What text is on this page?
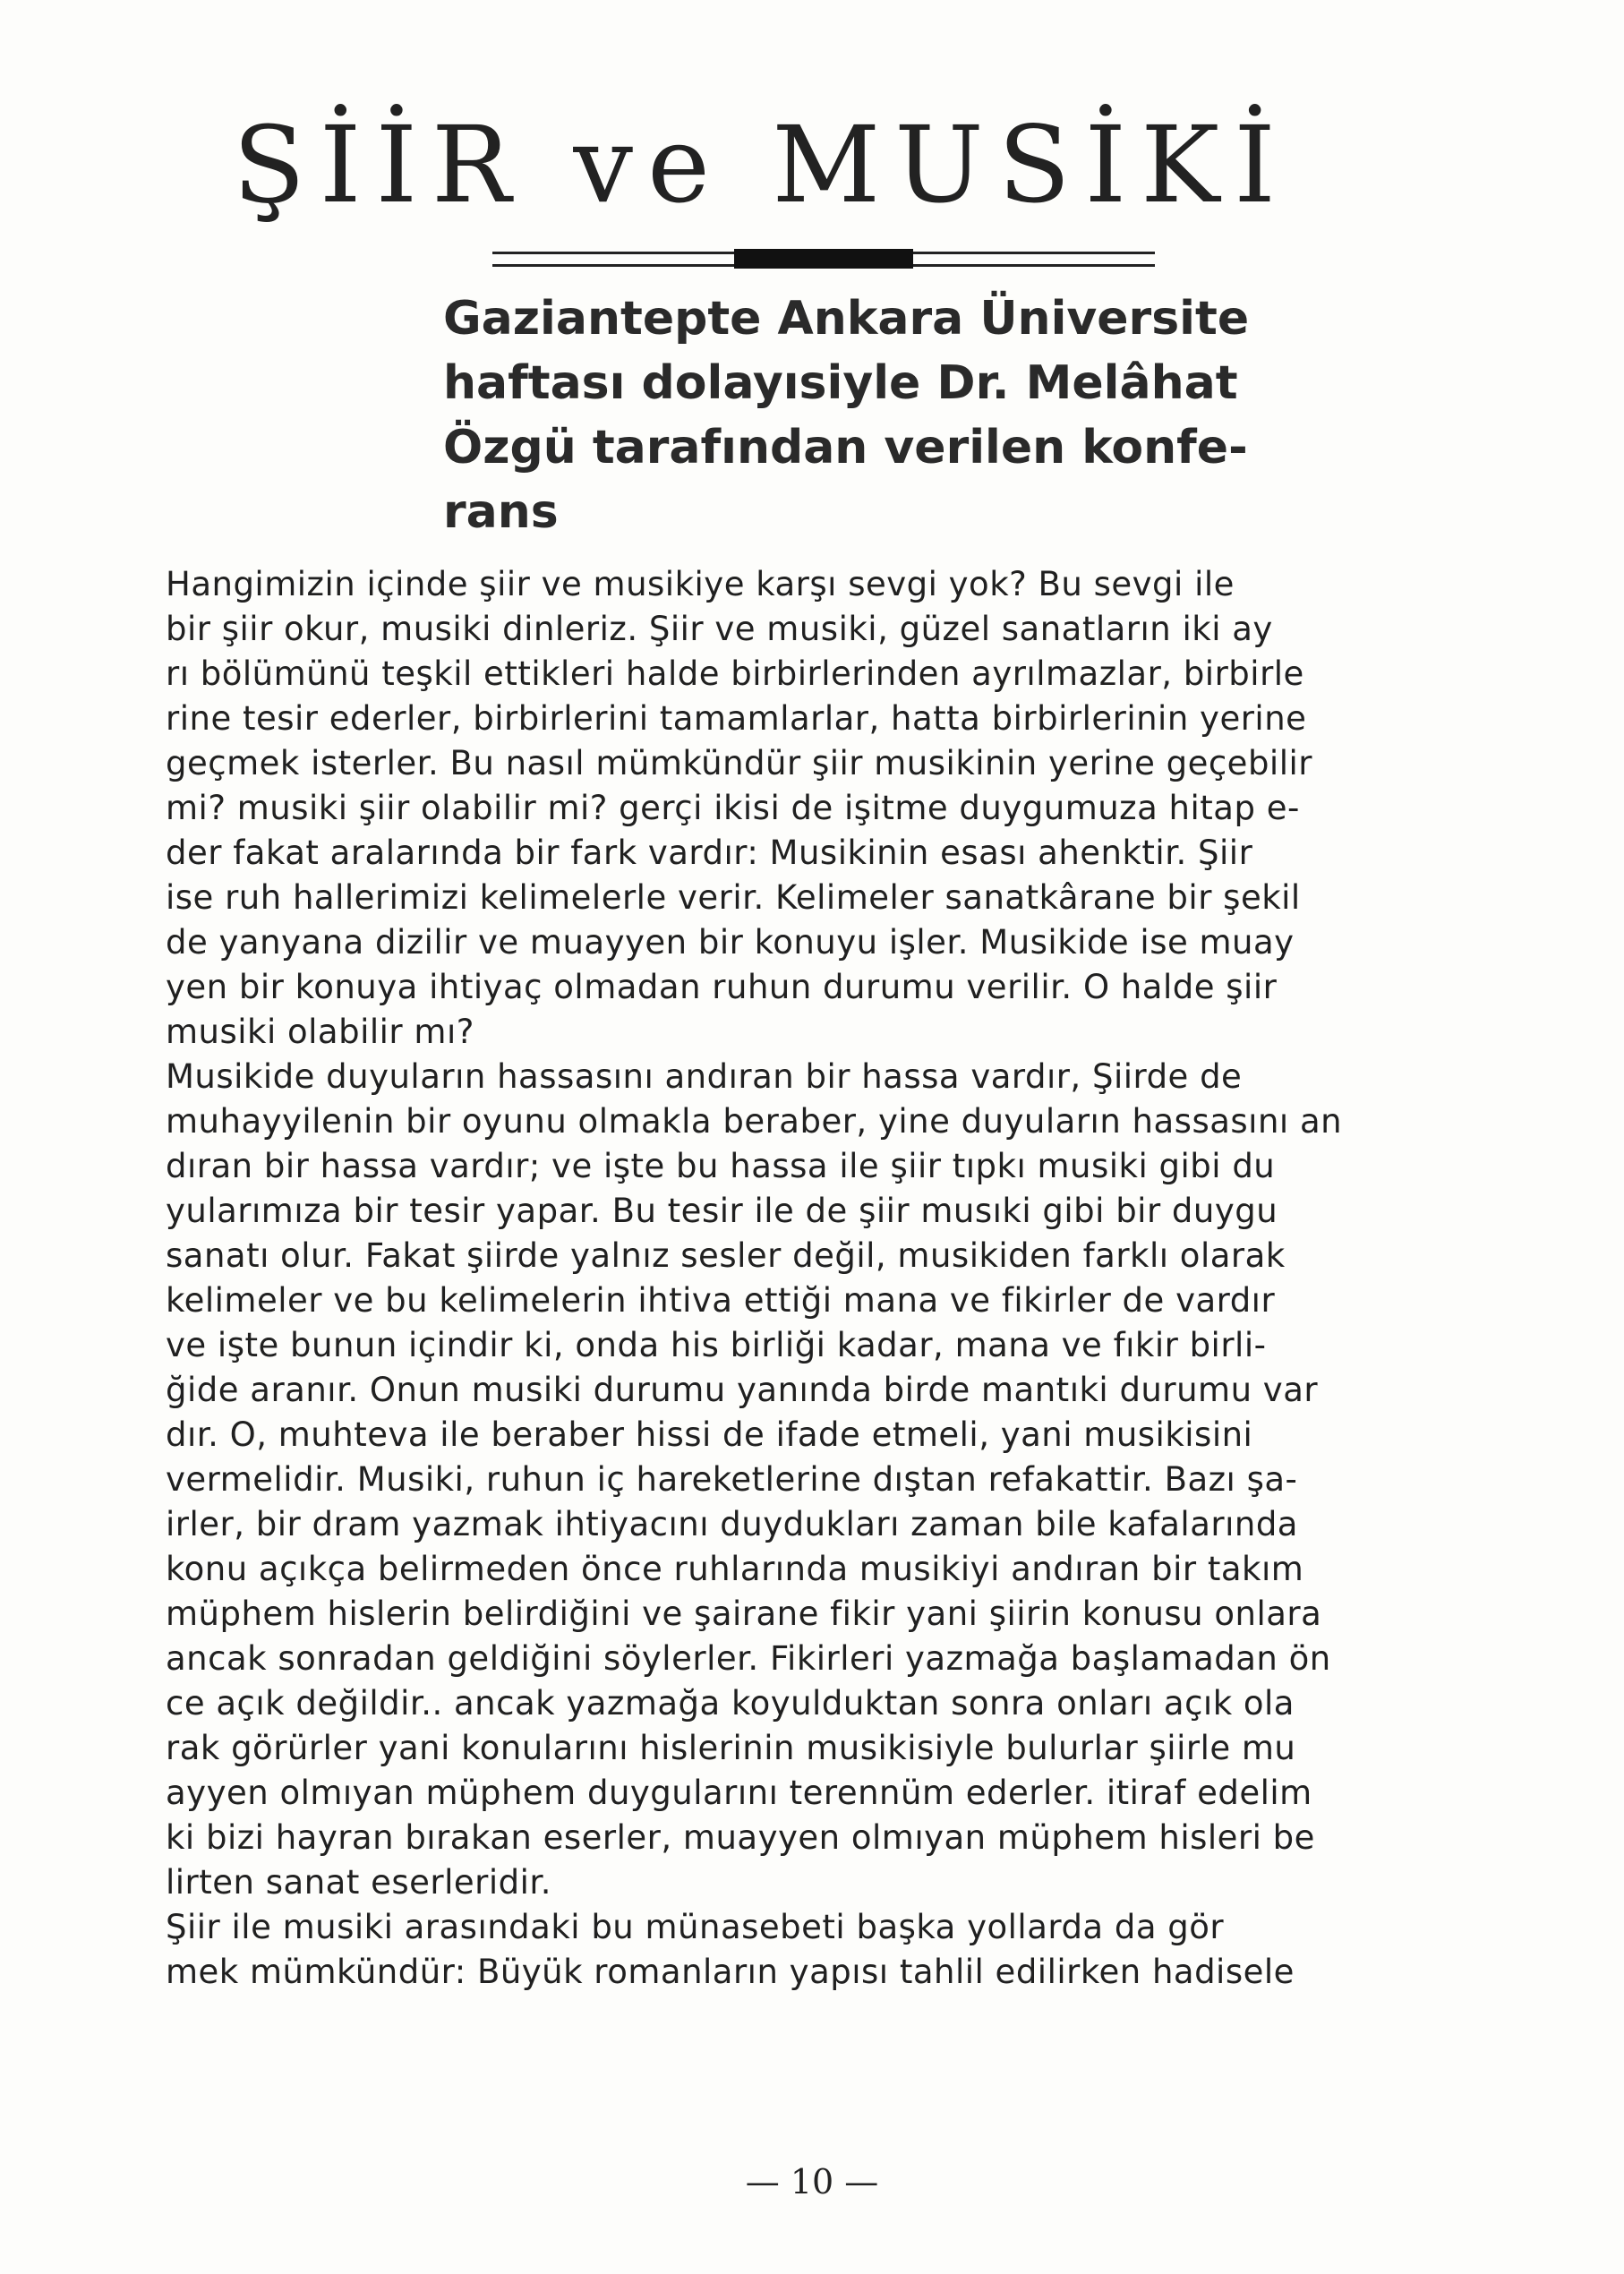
ŞİİR ve MUSİKİ
Gaziantepte Ankara Üniversite
haftası dolayısiyle Dr. Melâhat
Özgü tarafından verilen konfe-
rans
Hangimizin içinde şiir ve musikiye karşı sevgi yok? Bu sevgi ile
bir şiir okur, musiki dinleriz. Şiir ve musiki, güzel sanatların iki ay
rı bölümünü teşkil ettikleri halde birbirlerinden ayrılmazlar, birbirle
rine tesir ederler, birbirlerini tamamlarlar, hatta birbirlerinin yerine
geçmek isterler. Bu nasıl mümkündür şiir musikinin yerine geçebilir
mi? musiki şiir olabilir mi? gerçi ikisi de işitme duygumuza hitap e-
der fakat aralarında bir fark vardır: Musikinin esası ahenktir. Şiir
ise ruh hallerimizi kelimelerle verir. Kelimeler sanatkârane bir şekil
de yanyana dizilir ve muayyen bir konuyu işler. Musikide ise muay
yen bir konuya ihtiyaç olmadan ruhun durumu verilir. O halde şiir
musiki olabilir mı?
Musikide duyuların hassasını andıran bir hassa vardır, Şiirde de
muhayyilenin bir oyunu olmakla beraber, yine duyuların hassasını an
dıran bir hassa vardır; ve işte bu hassa ile şiir tıpkı musiki gibi du
yularımıza bir tesir yapar. Bu tesir ile de şiir musıki gibi bir duygu
sanatı olur. Fakat şiirde yalnız sesler değil, musikiden farklı olarak
kelimeler ve bu kelimelerin ihtiva ettiği mana ve fikirler de vardır
ve işte bunun içindir ki, onda his birliği kadar, mana ve fıkir birli-
ğide aranır. Onun musiki durumu yanında birde mantıki durumu var
dır. O, muhteva ile beraber hissi de ifade etmeli, yani musikisini
vermelidir. Musiki, ruhun iç hareketlerine dıştan refakattir. Bazı şa-
irler, bir dram yazmak ihtiyacını duydukları zaman bile kafalarında
konu açıkça belirmeden önce ruhlarında musikiyi andıran bir takım
müphem hislerin belirdiğini ve şairane fikir yani şiirin konusu onlara
ancak sonradan geldiğini söylerler. Fikirleri yazmağa başlamadan ön
ce açık değildir.. ancak yazmağa koyulduktan sonra onları açık ola
rak görürler yani konularını hislerinin musikisiyle bulurlar şiirle mu
ayyen olmıyan müphem duygularını terennüm ederler. itiraf edelim
ki bizi hayran bırakan eserler, muayyen olmıyan müphem hisleri be
lirten sanat eserleridir.
Şiir ile musiki arasındaki bu münasebeti başka yollarda da gör
mek mümkündür: Büyük romanların yapısı tahlil edilirken hadisele
— 10 —
